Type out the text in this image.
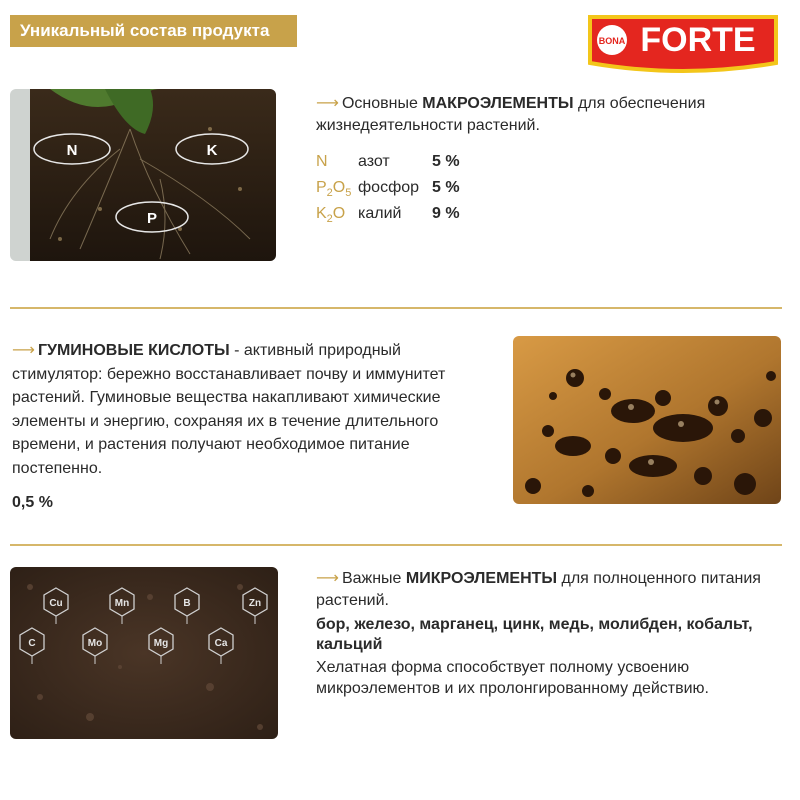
Уникальный состав продукта
BONA FORTE
N	K
P
⟶ Основные МАКРОЭЛЕМЕНТЫ для обеспечения жизнедеятельности растений.
N азот	5 %
$P_2O_5$ фосфор 5 %
$K_2O$ калий 9 %
⟶ ГУМИНОВЫЕ КИСЛОТЫ - активный природный стимулятор: бережно восстанавливает почву и иммунитет растений. Гуминовые вещества накапливают химические элементы и энергию, сохраняя их в течение длительного времени, и растения получают необходимое питание постепенно.
0,5 %
Cu	Mn	B	Zn
C	Mo	Mg	Ca
⟶ Важные МИКРОЭЛЕМЕНТЫ для полноценного питания растений.
бор, железо, марганец, цинк, медь, молибден, кобальт, кальций
Хелатная форма способствует полному усвоению микроэлементов и их пролонгированному действию.
